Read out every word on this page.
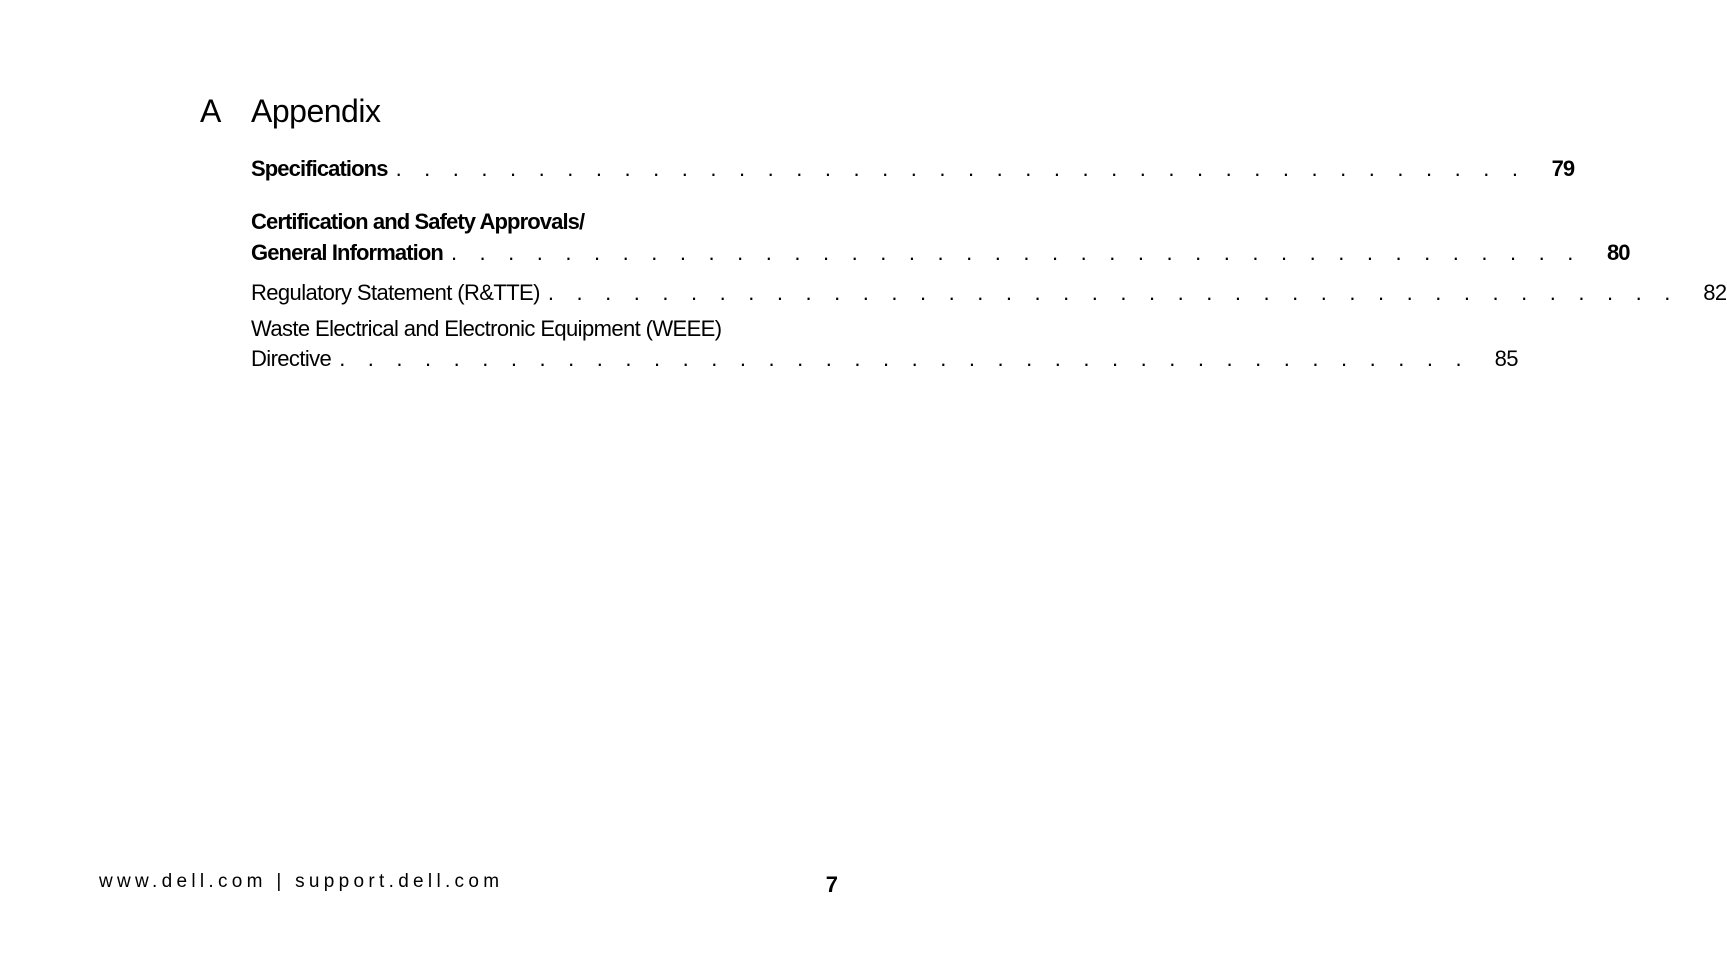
A Appendix
Specifications . . . . . . . . . . . . . . . . . . . . . . . . . . . . . . . . . . . . . . . . 79
Certification and Safety Approvals/
General Information . . . . . . . . . . . . . . . . . . . . . . . . . . . . . . . . . . . . . . . . 80
Regulatory Statement (R&TTE) . . . . . . . . . . . . . . . . . . . . . . . . . . . . . . . . . . . . . . . . 82
Waste Electrical and Electronic Equipment (WEEE)
Directive . . . . . . . . . . . . . . . . . . . . . . . . . . . . . . . . . . . . . . . . 85
www.dell.com | support.dell.com	7
